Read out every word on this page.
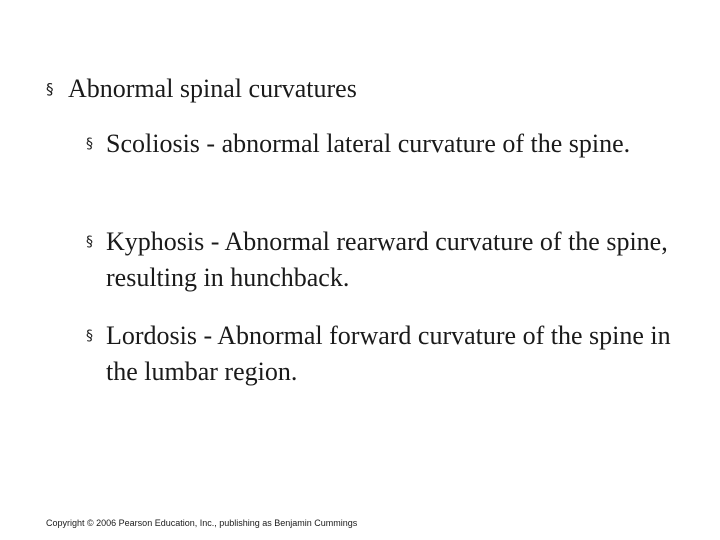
§ Abnormal spinal curvatures
§ Scoliosis - abnormal lateral curvature of the spine.
§ Kyphosis - Abnormal rearward curvature of the spine, resulting in hunchback.
§ Lordosis - Abnormal forward curvature of the spine in the lumbar region.
Copyright © 2006 Pearson Education, Inc., publishing as Benjamin Cummings
